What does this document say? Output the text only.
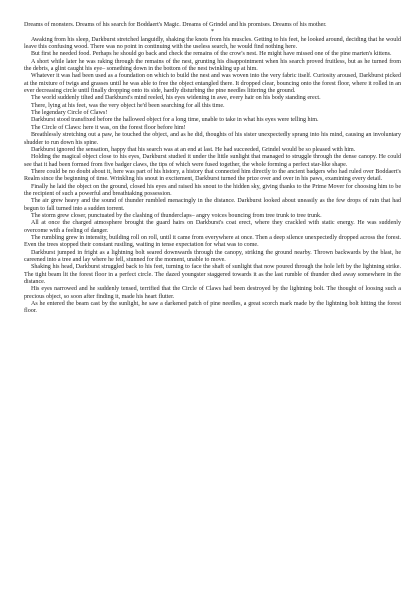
Dreams of monsters. Dreams of his search for Boddaert's Magic. Dreams of Grindel and his promises. Dreams of his mother.

*

Awaking from his sleep, Darkburst stretched languidly, shaking the knots from his muscles. Getting to his feet, he looked around, deciding that he would leave this confusing wood. There was no point in continuing with the useless search, he would find nothing here.

But first he needed food. Perhaps he should go back and check the remains of the crow's nest. He might have missed one of the pine marten's kittens.

A short while later he was raking through the remains of the nest, grunting his disappointment when his search proved fruitless, but as he turned from the debris, a glint caught his eye– something down in the bottom of the nest twinkling up at him.

Whatever it was had been used as a foundation on which to build the nest and was woven into the very fabric itself. Curiosity aroused, Darkburst picked at the mixture of twigs and grasses until he was able to free the object entangled there. It dropped clear, bouncing onto the forest floor, where it rolled in an ever decreasing circle until finally dropping onto its side, hardly disturbing the pine needles littering the ground.

The world suddenly tilted and Darkburst's mind reeled, his eyes widening in awe, every hair on his body standing erect.

There, lying at his feet, was the very object he'd been searching for all this time.

The legendary Circle of Claws!

Darkburst stood transfixed before the hallowed object for a long time, unable to take in what his eyes were telling him.

The Circle of Claws: here it was, on the forest floor before him!

Breathlessly stretching out a paw, he touched the object, and as he did, thoughts of his sister unexpectedly sprang into his mind, causing an involuntary shudder to run down his spine.

Darkburst ignored the sensation, happy that his search was at an end at last. He had succeeded, Grindel would be so pleased with him.

Holding the magical object close to his eyes, Darkburst studied it under the little sunlight that managed to struggle through the dense canopy. He could see that it had been formed from five badger claws, the tips of which were fused together, the whole forming a perfect star-like shape.

There could be no doubt about it, here was part of his history, a history that connected him directly to the ancient badgers who had ruled over Boddaert's Realm since the beginning of time. Wrinkling his snout in excitement, Darkburst turned the prize over and over in his paws, examining every detail.

Finally he laid the object on the ground, closed his eyes and raised his snout to the hidden sky, giving thanks to the Prime Mover for choosing him to be the recipient of such a powerful and breathtaking possession.

The air grew heavy and the sound of thunder rumbled menacingly in the distance. Darkburst looked about uneasily as the few drops of rain that had begun to fall turned into a sudden torrent.

The storm grew closer, punctuated by the clashing of thunderclaps– angry voices bouncing from tree trunk to tree trunk.

All at once the charged atmosphere brought the guard hairs on Darkburst's coat erect, where they crackled with static energy. He was suddenly overcome with a feeling of danger.

The rumbling grew in intensity, building roll on roll, until it came from everywhere at once. Then a deep silence unexpectedly dropped across the forest. Even the trees stopped their constant rustling, waiting in tense expectation for what was to come.

Darkburst jumped in fright as a lightning bolt seared downwards through the canopy, striking the ground nearby. Thrown backwards by the blast, he careened into a tree and lay where he fell, stunned for the moment, unable to move.

Shaking his head, Darkburst struggled back to his feet, turning to face the shaft of sunlight that now poured through the hole left by the lightning strike. The tight beam lit the forest floor in a perfect circle. The dazed youngster staggered towards it as the last rumble of thunder died away somewhere in the distance.

His eyes narrowed and he suddenly tensed, terrified that the Circle of Claws had been destroyed by the lightning bolt. The thought of loosing such a precious object, so soon after finding it, made his heart flutter.

As he entered the beam cast by the sunlight, he saw a darkened patch of pine needles, a great scorch mark made by the lightning bolt hitting the forest floor.
